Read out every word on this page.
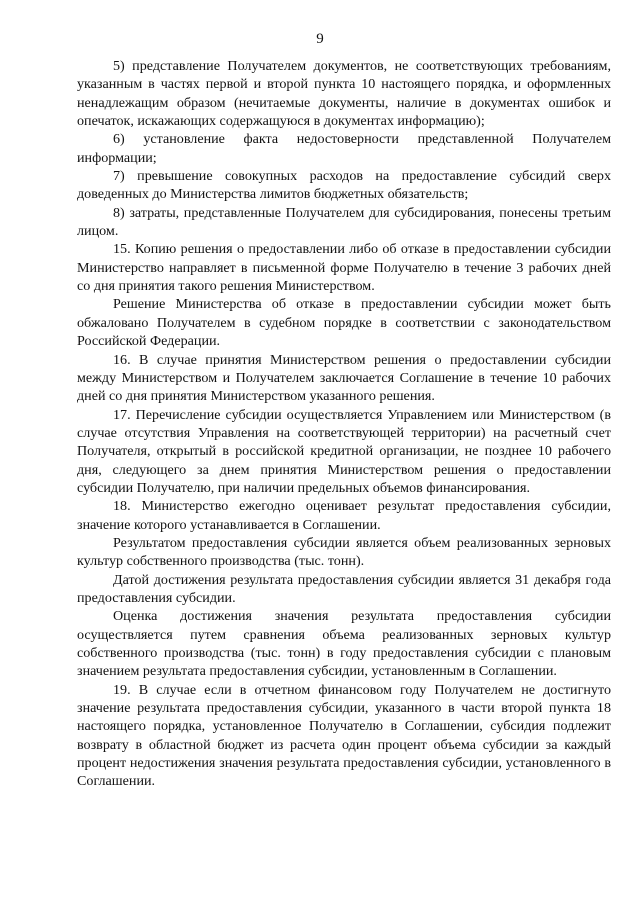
9

5) представление Получателем документов, не соответствующих требованиям, указанным в частях первой и второй пункта 10 настоящего порядка, и оформленных ненадлежащим образом (нечитаемые документы, наличие в документах ошибок и опечаток, искажающих содержащуюся в документах информацию);

6) установление факта недостоверности представленной Получателем информации;

7) превышение совокупных расходов на предоставление субсидий сверх доведенных до Министерства лимитов бюджетных обязательств;

8) затраты, представленные Получателем для субсидирования, понесены третьим лицом.

15. Копию решения о предоставлении либо об отказе в предоставлении субсидии Министерство направляет в письменной форме Получателю в течение 3 рабочих дней со дня принятия такого решения Министерством.

Решение Министерства об отказе в предоставлении субсидии может быть обжаловано Получателем в судебном порядке в соответствии с законодательством Российской Федерации.

16. В случае принятия Министерством решения о предоставлении субсидии между Министерством и Получателем заключается Соглашение в течение 10 рабочих дней со дня принятия Министерством указанного решения.

17. Перечисление субсидии осуществляется Управлением или Министерством (в случае отсутствия Управления на соответствующей территории) на расчетный счет Получателя, открытый в российской кредитной организации, не позднее 10 рабочего дня, следующего за днем принятия Министерством решения о предоставлении субсидии Получателю, при наличии предельных объемов финансирования.

18. Министерство ежегодно оценивает результат предоставления субсидии, значение которого устанавливается в Соглашении.

Результатом предоставления субсидии является объем реализованных зерновых культур собственного производства (тыс. тонн).

Датой достижения результата предоставления субсидии является 31 декабря года предоставления субсидии.

Оценка достижения значения результата предоставления субсидии осуществляется путем сравнения объема реализованных зерновых культур собственного производства (тыс. тонн) в году предоставления субсидии с плановым значением результата предоставления субсидии, установленным в Соглашении.

19. В случае если в отчетном финансовом году Получателем не достигнуто значение результата предоставления субсидии, указанного в части второй пункта 18 настоящего порядка, установленное Получателю в Соглашении, субсидия подлежит возврату в областной бюджет из расчета один процент объема субсидии за каждый процент недостижения значения результата предоставления субсидии, установленного в Соглашении.
